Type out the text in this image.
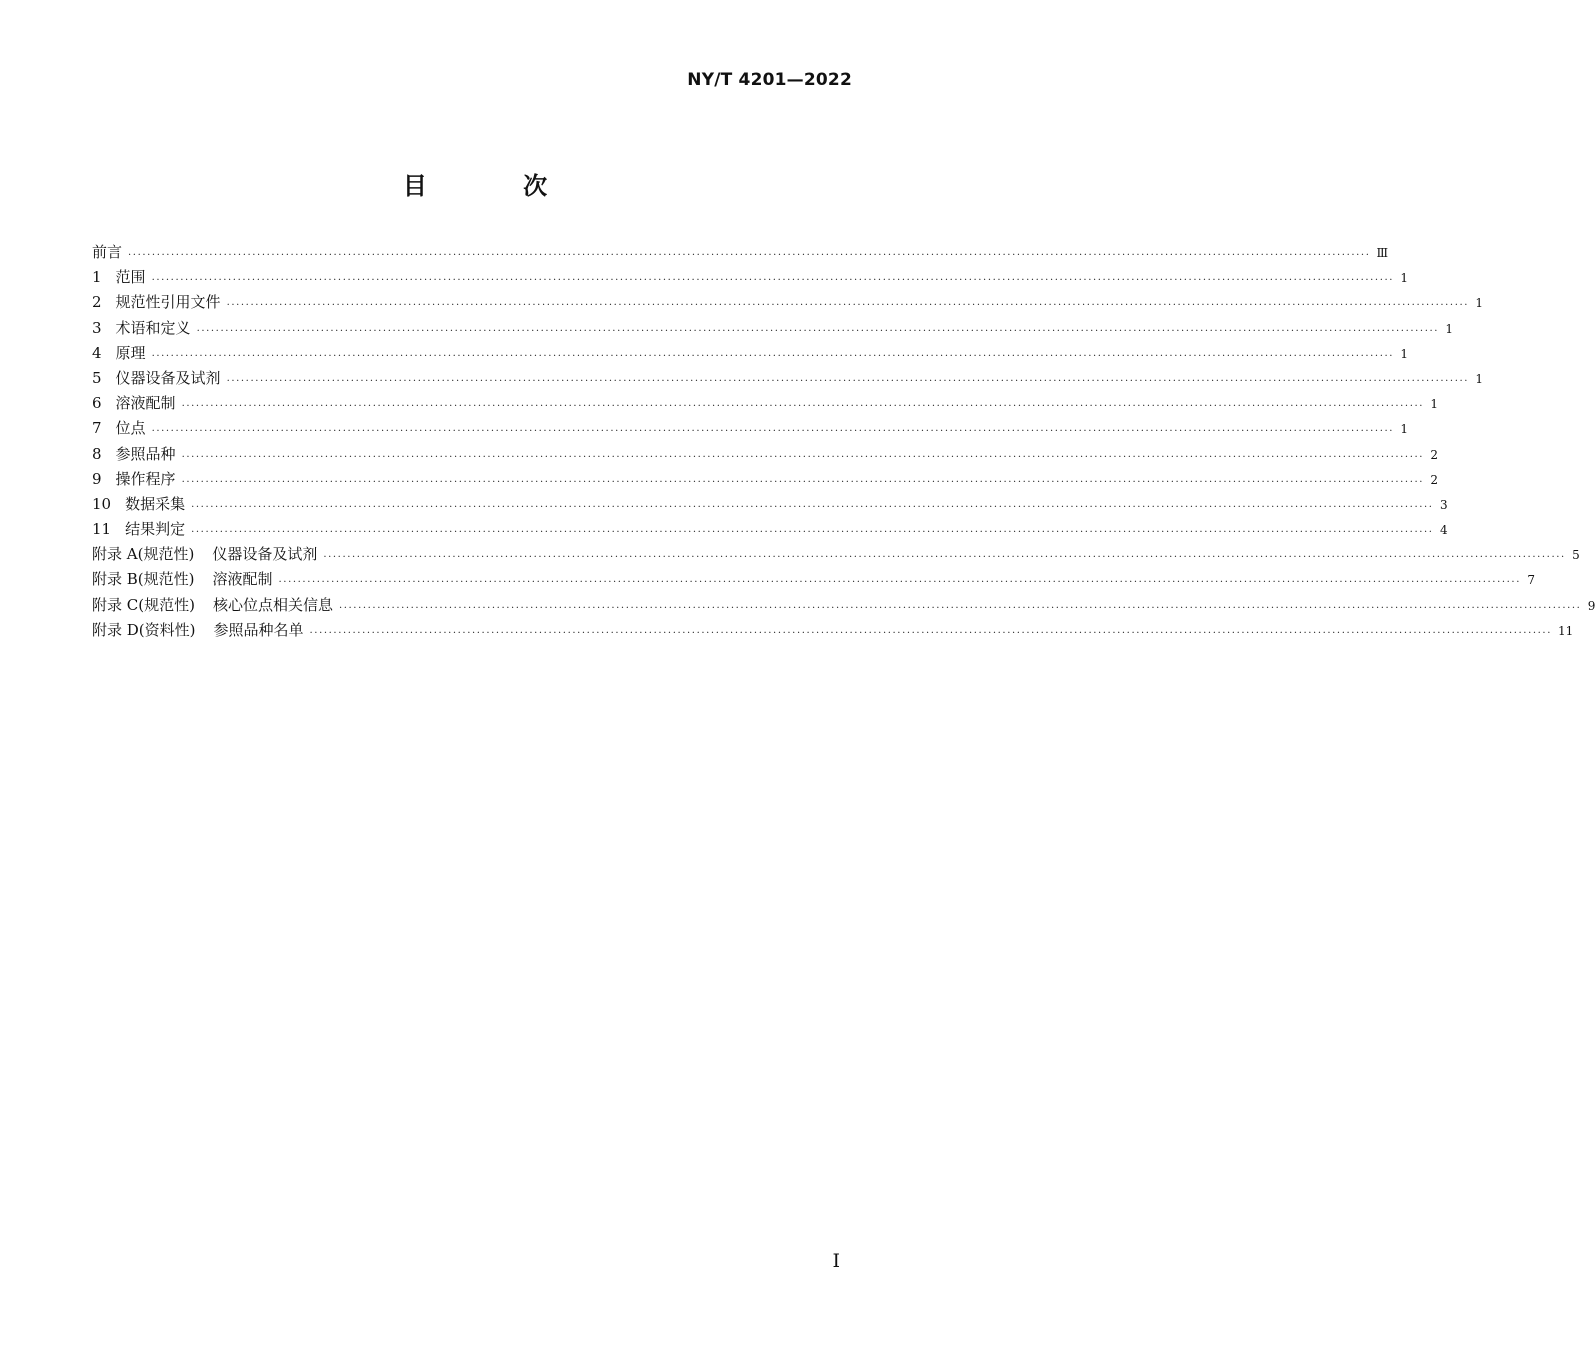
NY/T 4201—2022
目 次
前言 .................................................................................................................................................................................................................................................................... Ⅲ
1 范围 .................................................................................................................................................................................................................................................................... 1
2 规范性引用文件 .................................................................................................................................................................................................................................................................... 1
3 术语和定义 .................................................................................................................................................................................................................................................................... 1
4 原理 .................................................................................................................................................................................................................................................................... 1
5 仪器设备及试剂 .................................................................................................................................................................................................................................................................... 1
6 溶液配制 .................................................................................................................................................................................................................................................................... 1
7 位点 .................................................................................................................................................................................................................................................................... 1
8 参照品种 .................................................................................................................................................................................................................................................................... 2
9 操作程序 .................................................................................................................................................................................................................................................................... 2
10 数据采集 .................................................................................................................................................................................................................................................................... 3
11 结果判定 .................................................................................................................................................................................................................................................................... 4
附录 A(规范性) 仪器设备及试剂 .................................................................................................................................................................................................................................................................... 5
附录 B(规范性) 溶液配制 .................................................................................................................................................................................................................................................................... 7
附录 C(规范性) 核心位点相关信息 .................................................................................................................................................................................................................................................................... 9
附录 D(资料性) 参照品种名单 .................................................................................................................................................................................................................................................................... 11
Ⅰ
